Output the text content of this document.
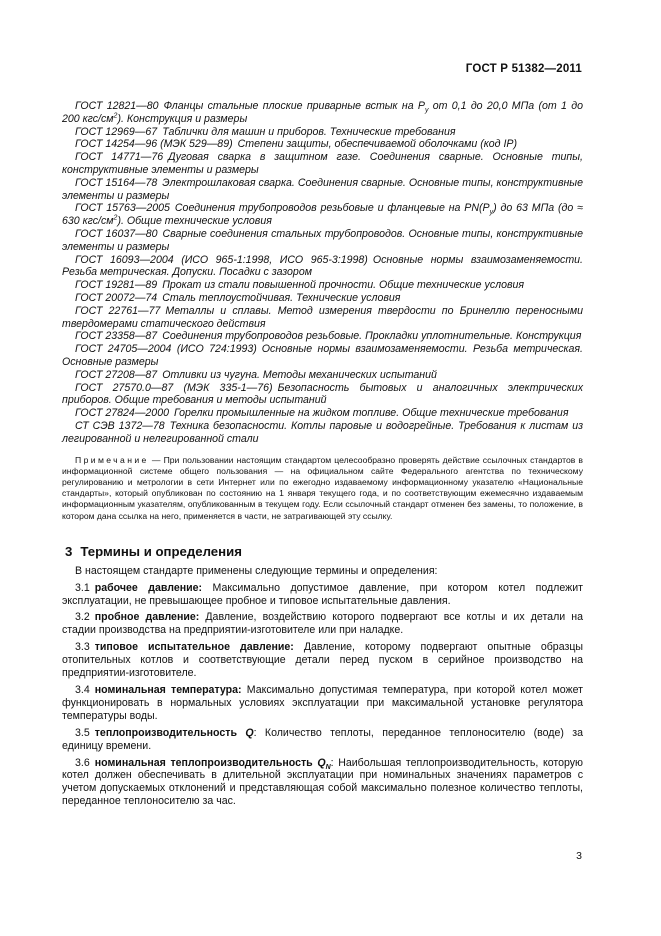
ГОСТ Р 51382—2011

ГОСТ 12821—80 Фланцы стальные плоские приварные встык на $P_y$ от 0,1 до 20,0 МПа (от 1 до 200 кгс/$см^2$). Конструкция и размеры

ГОСТ 12969—67 Таблички для машин и приборов. Технические требования

ГОСТ 14254—96 (МЭК 529—89) Степени защиты, обеспечиваемой оболочками (код IP)

ГОСТ 14771—76 Дуговая сварка в защитном газе. Соединения сварные. Основные типы, конструктивные элементы и размеры

ГОСТ 15164—78 Электрошлаковая сварка. Соединения сварные. Основные типы, конструктивные элементы и размеры

ГОСТ 15763—2005 Соединения трубопроводов резьбовые и фланцевые на $PN(P_y)$ до 63 МПа (до ≈ 630 кгс/$см^2$). Общие технические условия

ГОСТ 16037—80 Сварные соединения стальных трубопроводов. Основные типы, конструктивные элементы и размеры

ГОСТ 16093—2004 (ИСО 965-1:1998, ИСО 965-3:1998) Основные нормы взаимозаменяемости. Резьба метрическая. Допуски. Посадки с зазором

ГОСТ 19281—89 Прокат из стали повышенной прочности. Общие технические условия

ГОСТ 20072—74 Сталь теплоустойчивая. Технические условия

ГОСТ 22761—77 Металлы и сплавы. Метод измерения твердости по Бринеллю переносными твердомерами статического действия

ГОСТ 23358—87 Соединения трубопроводов резьбовые. Прокладки уплотнительные. Конструкция

ГОСТ 24705—2004 (ИСО 724:1993) Основные нормы взаимозаменяемости. Резьба метрическая. Основные размеры

ГОСТ 27208—87 Отливки из чугуна. Методы механических испытаний

ГОСТ 27570.0—87 (МЭК 335-1—76) Безопасность бытовых и аналогичных электрических приборов. Общие требования и методы испытаний

ГОСТ 27824—2000 Горелки промышленные на жидком топливе. Общие технические требования

СТ СЭВ 1372—78 Техника безопасности. Котлы паровые и водогрейные. Требования к листам из легированной и нелегированной стали

Примечание — При пользовании настоящим стандартом целесообразно проверять действие ссылочных стандартов в информационной системе общего пользования — на официальном сайте Федерального агентства по техническому регулированию и метрологии в сети Интернет или по ежегодно издаваемому информационному указателю «Национальные стандарты», который опубликован по состоянию на 1 января текущего года, и по соответствующим ежемесячно издаваемым информационным указателям, опубликованным в текущем году. Если ссылочный стандарт отменен без замены, то положение, в котором дана ссылка на него, применяется в части, не затрагивающей эту ссылку.

3 Термины и определения

В настоящем стандарте применены следующие термины и определения:

3.1 рабочее давление: Максимально допустимое давление, при котором котел подлежит эксплуатации, не превышающее пробное и типовое испытательные давления.

3.2 пробное давление: Давление, воздействию которого подвергают все котлы и их детали на стадии производства на предприятии-изготовителе или при наладке.

3.3 типовое испытательное давление: Давление, которому подвергают опытные образцы отопительных котлов и соответствующие детали перед пуском в серийное производство на предприятии-изготовителе.

3.4 номинальная температура: Максимально допустимая температура, при которой котел может функционировать в нормальных условиях эксплуатации при максимальной установке регулятора температуры воды.

3.5 теплопроизводительность Q: Количество теплоты, переданное теплоносителю (воде) за единицу времени.

3.6 номинальная теплопроизводительность $Q_N$: Наибольшая теплопроизводительность, которую котел должен обеспечивать в длительной эксплуатации при номинальных значениях параметров с учетом допускаемых отклонений и представляющая собой максимально полезное количество теплоты, переданное теплоносителю за час.

3
